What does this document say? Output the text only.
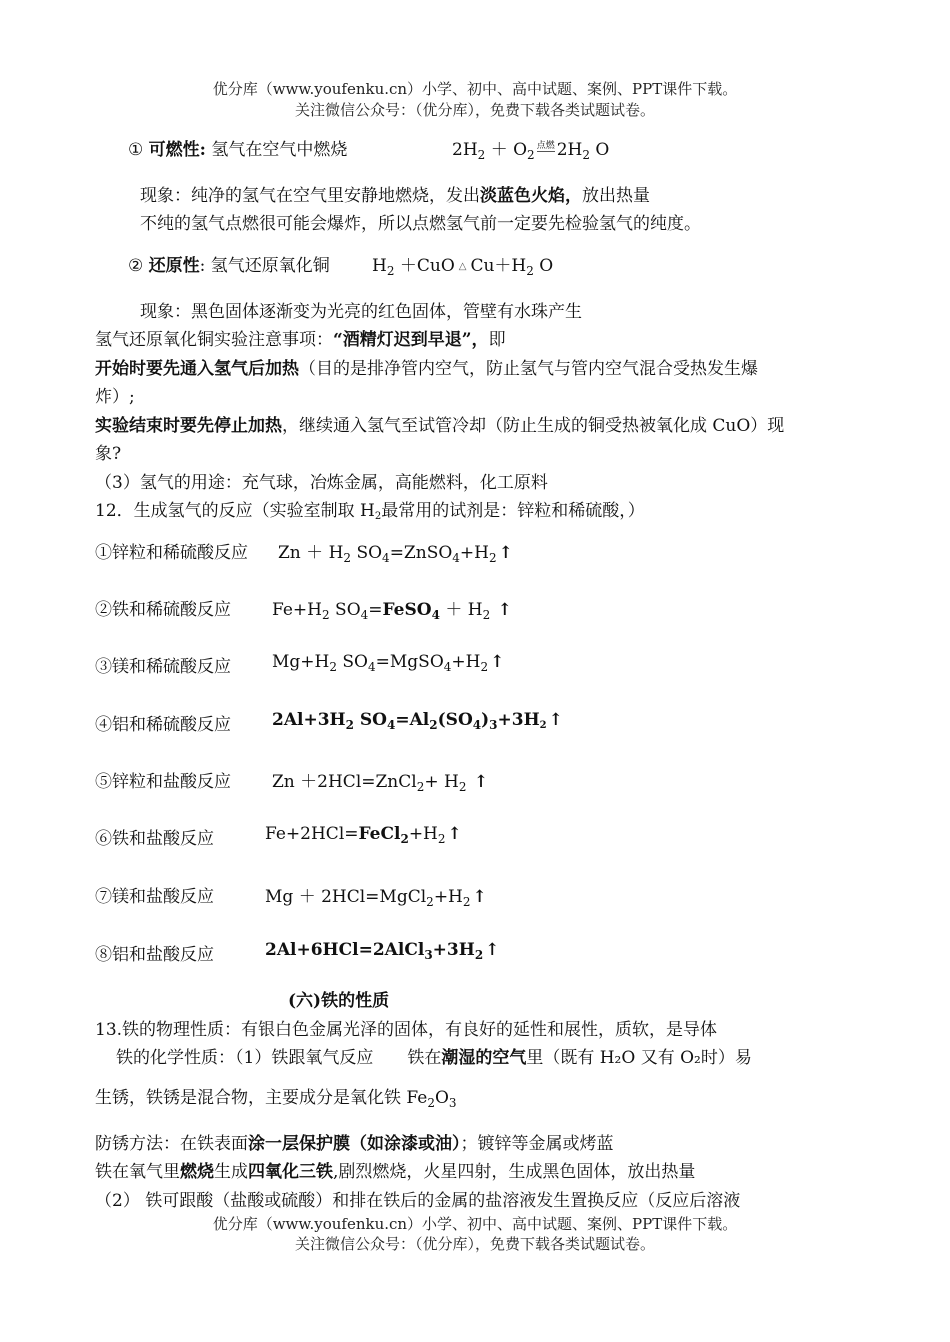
优分库（www.youfenku.cn）小学、初中、高中试题、案例、PPT课件下载。
关注微信公众号：（优分库），免费下载各类试题试卷。
① 可燃性: 氢气在空气中燃烧	$2H_2 + O_2$点燃 $2H_2$ O
现象：纯净的氢气在空气里安静地燃烧，发出淡蓝色火焰，放出热量
不纯的氢气点燃很可能会爆炸，所以点燃氢气前一定要先检验氢气的纯度。
② 还原性: 氢气还原氧化铜 $H_2 +CuO$ △ $Cu+H_2$ O
现象：黑色固体逐渐变为光亮的红色固体，管壁有水珠产生
氢气还原氧化铜实验注意事项：“酒精灯迟到早退”，即
开始时要先通入氢气后加热（目的是排净管内空气，防止氢气与管内空气混合受热发生爆
炸）;
实验结束时要先停止加热，继续通入氢气至试管冷却（防止生成的铜受热被氧化成 CuO）现
象?
（3）氢气的用途：充气球，冶炼金属，高能燃料，化工原料
12．生成氢气的反应（实验室制取 H2最常用的试剂是：锌粒和稀硫酸，）
①锌粒和稀硫酸反应 $Zn + H_2$ $SO_4=ZnSO_4+H_2$ ↑
②铁和稀硫酸反应 $Fe+H_2$ $SO_4=FeSO_4 + H_2$ ↑
③镁和稀硫酸反应 $Mg+H_2$ $SO_4=MgSO_4+H_2$ ↑
④铝和稀硫酸反应 $2Al+3H_2$ $SO_4=Al_2(SO_4)_3+3H2$ ↑
⑤锌粒和盐酸反应 Zn ＋2HCl=ZnCl$_2$+ $H_2$ ↑
⑥铁和盐酸反应	$Fe+2HCl=FeCl_2+H_2$ ↑
⑦镁和盐酸反应	$Mg + 2HCl=MgCl_2+H_2$ ↑
⑧铝和盐酸反应	$2Al+6HCl=2AlCl_3+3H_2$ ↑
(六)铁的性质
13.铁的物理性质：有银白色金属光泽的固体，有良好的延性和展性，质软，是导体
铁的化学性质：（1）铁跟氧气反应　　铁在潮湿的空气里（既有 H₂O 又有 O₂时）易
生锈，铁锈是混合物，主要成分是氧化铁 $Fe_2O_3$
防锈方法：在铁表面涂一层保护膜（如涂漆或油）；镀锌等金属或烤蓝
铁在氧气里燃烧生成四氧化三铁,剧烈燃烧，火星四射，生成黑色固体，放出热量
（2） 铁可跟酸（盐酸或硫酸）和排在铁后的金属的盐溶液发生置换反应（反应后溶液
优分库（www.youfenku.cn）小学、初中、高中试题、案例、PPT课件下载。
关注微信公众号：（优分库），免费下载各类试题试卷。
